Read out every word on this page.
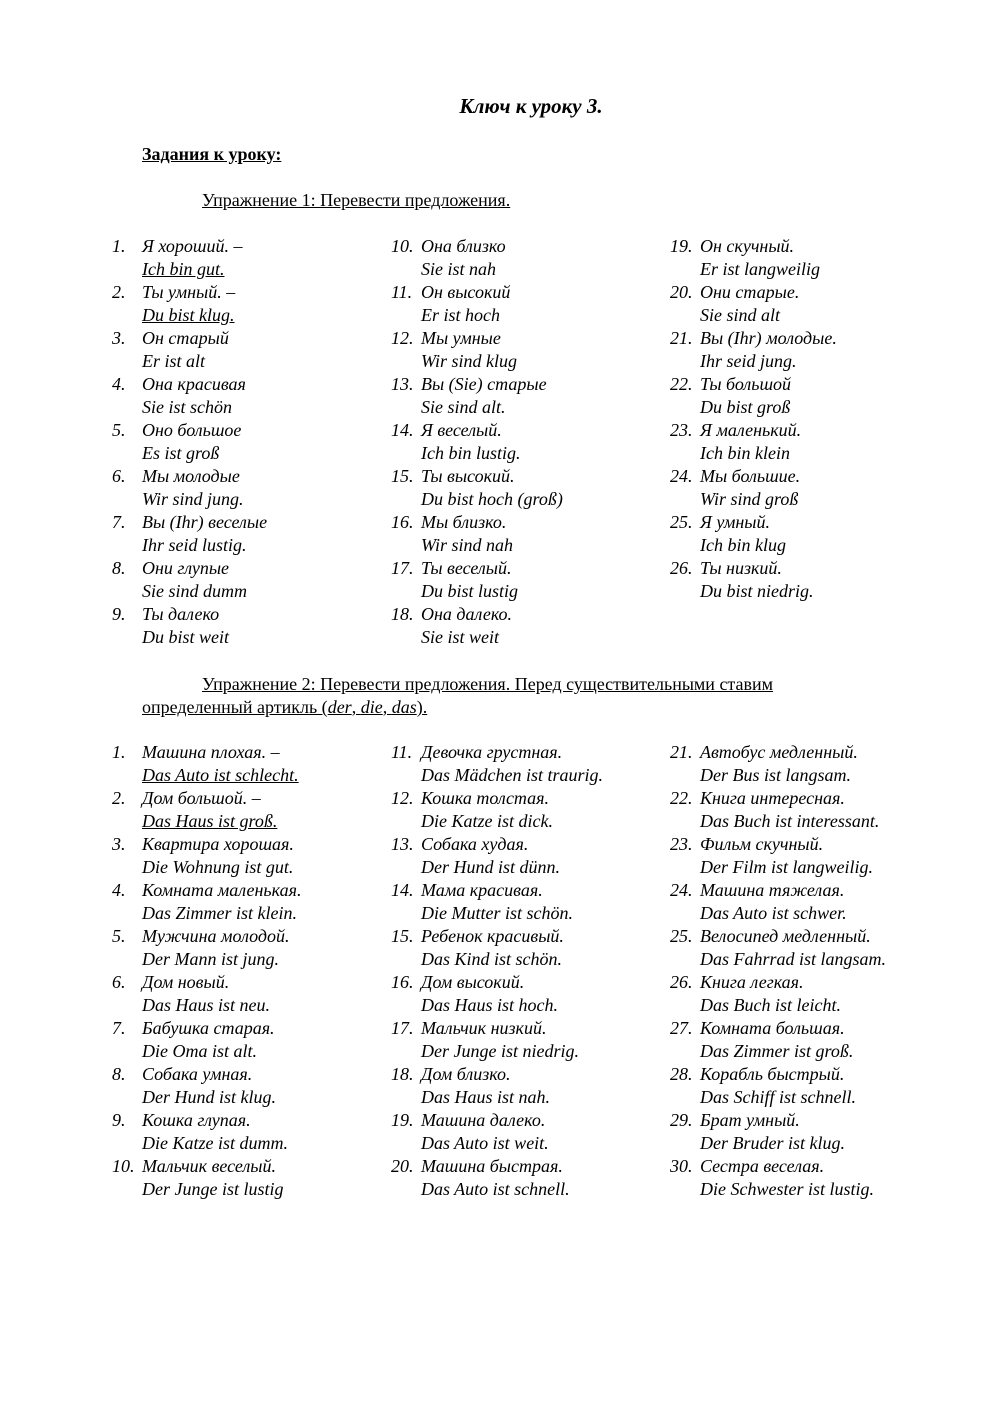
Ключ к уроку 3.
Задания к уроку:

Упражнение 1: Перевести предложения.

1. Я хороший. –
Ich bin gut.
2. Ты умный. –
Du bist klug.
3. Он старый
Er ist alt
4. Она красивая
Sie ist schön
5. Оно большое
Es ist groß
6. Мы молодые
Wir sind jung.
7. Вы (Ihr) веселые
Ihr seid lustig.
8. Они глупые
Sie sind dumm
9. Ты далеко
Du bist weit
10. Она близко
Sie ist nah
11. Он высокий
Er ist hoch
12. Мы умные
Wir sind klug
13. Вы (Sie) старые
Sie sind alt.
14. Я веселый.
Ich bin lustig.
15. Ты высокий.
Du bist hoch (groß)
16. Мы близко.
Wir sind nah
17. Ты веселый.
Du bist lustig
18. Она далеко.
Sie ist weit
19. Он скучный.
Er ist langweilig
20. Они старые.
Sie sind alt
21. Вы (Ihr) молодые.
Ihr seid jung.
22. Ты большой
Du bist groß
23. Я маленький.
Ich bin klein
24. Мы большие.
Wir sind groß
25. Я умный.
Ich bin klug
26. Ты низкий.
Du bist niedrig.

Упражнение 2: Перевести предложения. Перед существительными ставим определенный артикль (der, die, das).

1. Машина плохая. –
Das Auto ist schlecht.
2. Дом большой. –
Das Haus ist groß.
3. Квартира хорошая.
Die Wohnung ist gut.
4. Комната маленькая.
Das Zimmer ist klein.
5. Мужчина молодой.
Der Mann ist jung.
6. Дом новый.
Das Haus ist neu.
7. Бабушка старая.
Die Oma ist alt.
8. Собака умная.
Der Hund ist klug.
9. Кошка глупая.
Die Katze ist dumm.
10. Мальчик веселый.
Der Junge ist lustig
11. Девочка грустная.
Das Mädchen ist traurig.
12. Кошка толстая.
Die Katze ist dick.
13. Собака худая.
Der Hund ist dünn.
14. Мама красивая.
Die Mutter ist schön.
15. Ребенок красивый.
Das Kind ist schön.
16. Дом высокий.
Das Haus ist hoch.
17. Мальчик низкий.
Der Junge ist niedrig.
18. Дом близко.
Das Haus ist nah.
19. Машина далеко.
Das Auto ist weit.
20. Машина быстрая.
Das Auto ist schnell.
21. Автобус медленный.
Der Bus ist langsam.
22. Книга интересная.
Das Buch ist interessant.
23. Фильм скучный.
Der Film ist langweilig.
24. Машина тяжелая.
Das Auto ist schwer.
25. Велосипед медленный.
Das Fahrrad ist langsam.
26. Книга легкая.
Das Buch ist leicht.
27. Комната большая.
Das Zimmer ist groß.
28. Корабль быстрый.
Das Schiff ist schnell.
29. Брат умный.
Der Bruder ist klug.
30. Сестра веселая.
Die Schwester ist lustig.
